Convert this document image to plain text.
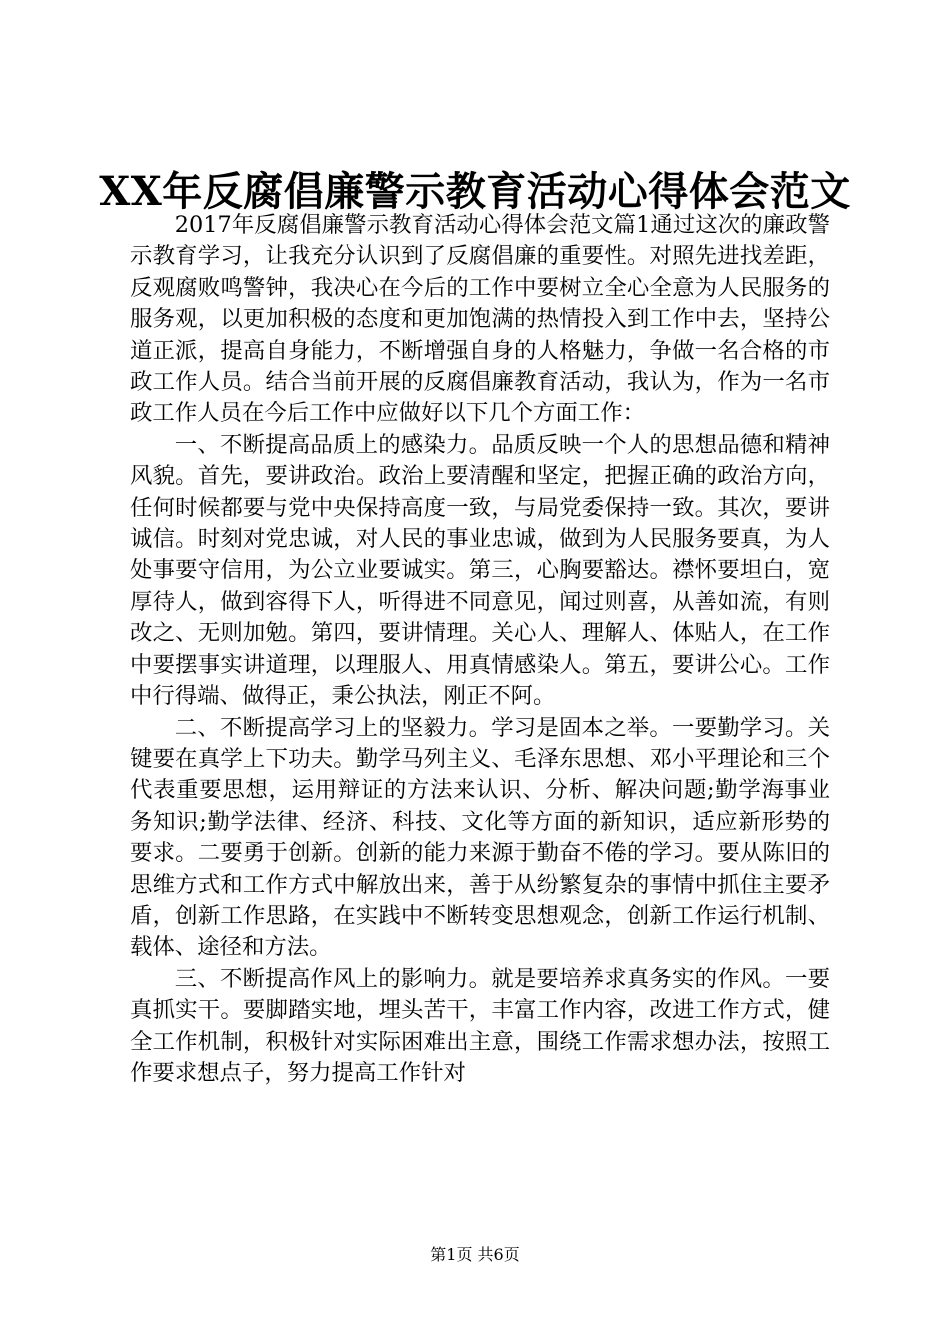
XX年反腐倡廉警示教育活动心得体会范文

2017年反腐倡廉警示教育活动心得体会范文篇1通过这次的廉政警示教育学习，让我充分认识到了反腐倡廉的重要性。对照先进找差距，反观腐败鸣警钟，我决心在今后的工作中要树立全心全意为人民服务的服务观，以更加积极的态度和更加饱满的热情投入到工作中去，坚持公道正派，提高自身能力，不断增强自身的人格魅力，争做一名合格的市政工作人员。结合当前开展的反腐倡廉教育活动，我认为，作为一名市政工作人员在今后工作中应做好以下几个方面工作：

一、不断提高品质上的感染力。品质反映一个人的思想品德和精神风貌。首先，要讲政治。政治上要清醒和坚定，把握正确的政治方向，任何时候都要与党中央保持高度一致，与局党委保持一致。其次，要讲诚信。时刻对党忠诚，对人民的事业忠诚，做到为人民服务要真，为人处事要守信用，为公立业要诚实。第三，心胸要豁达。襟怀要坦白，宽厚待人，做到容得下人，听得进不同意见，闻过则喜，从善如流，有则改之、无则加勉。第四，要讲情理。关心人、理解人、体贴人，在工作中要摆事实讲道理，以理服人、用真情感染人。第五，要讲公心。工作中行得端、做得正，秉公执法，刚正不阿。

二、不断提高学习上的坚毅力。学习是固本之举。一要勤学习。关键要在真学上下功夫。勤学马列主义、毛泽东思想、邓小平理论和三个代表重要思想，运用辩证的方法来认识、分析、解决问题;勤学海事业务知识;勤学法律、经济、科技、文化等方面的新知识，适应新形势的要求。二要勇于创新。创新的能力来源于勤奋不倦的学习。要从陈旧的思维方式和工作方式中解放出来，善于从纷繁复杂的事情中抓住主要矛盾，创新工作思路，在实践中不断转变思想观念，创新工作运行机制、载体、途径和方法。

三、不断提高作风上的影响力。就是要培养求真务实的作风。一要真抓实干。要脚踏实地，埋头苦干，丰富工作内容，改进工作方式，健全工作机制，积极针对实际困难出主意，围绕工作需求想办法，按照工作要求想点子，努力提高工作针对

第1页 共6页
